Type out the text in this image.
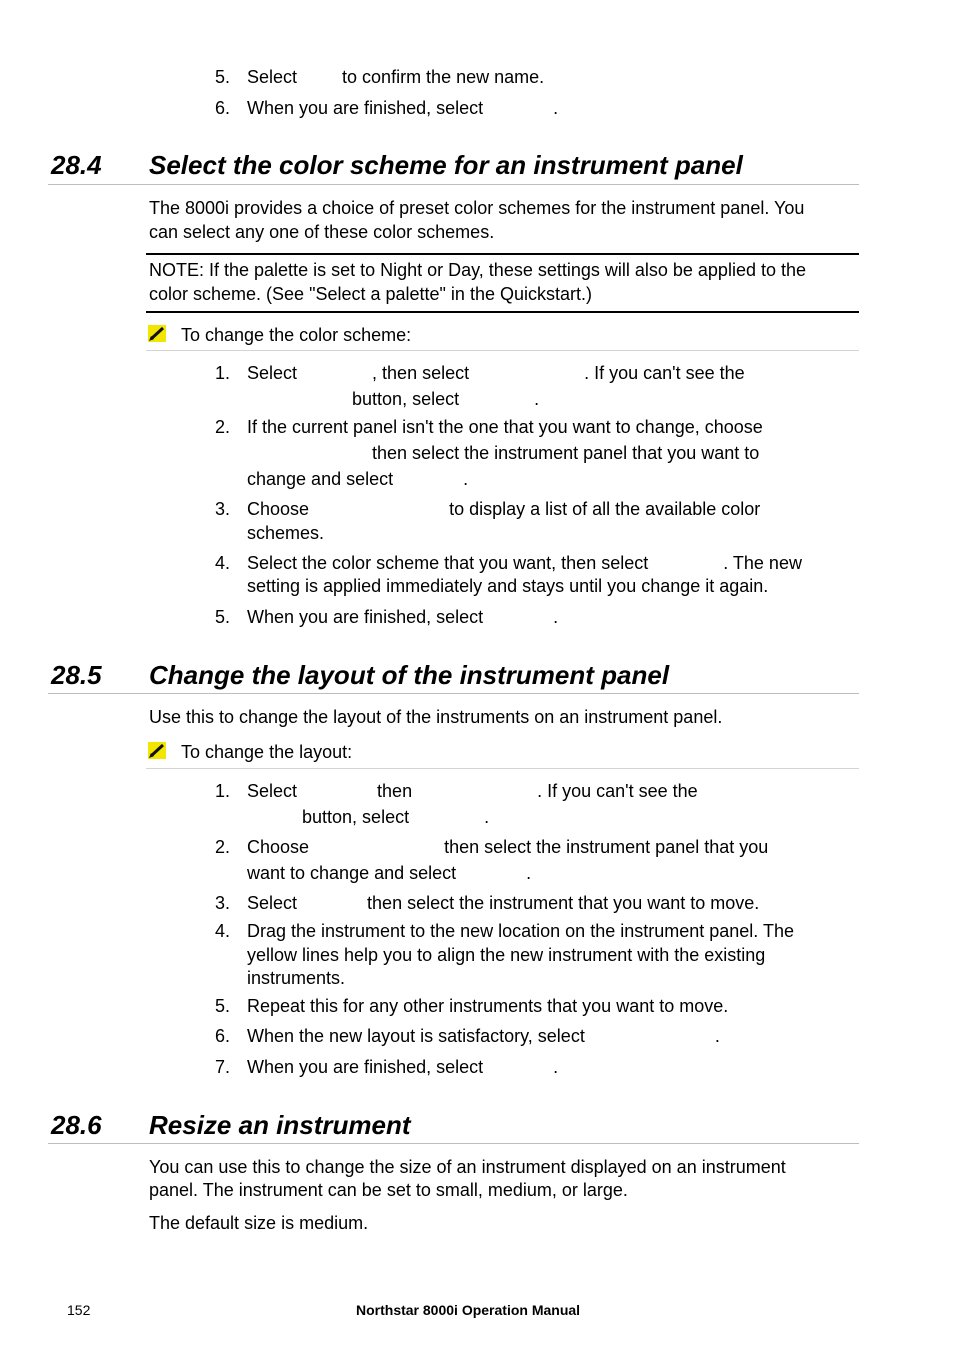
5. Select         to confirm the new name.
6. When you are finished, select              .
28.4 Select the color scheme for an instrument panel
The 8000i provides a choice of preset color schemes for the instrument panel. You
can select any one of these color schemes.
NOTE: If the palette is set to Night or Day, these settings will also be applied to the
color scheme. (See "Select a palette" in the Quickstart.)
To change the color scheme:
1. Select               , then select                       . If you can't see the
button, select               .
2. If the current panel isn't the one that you want to change, choose
then select the instrument panel that you want to
change and select              .
3. Choose                            to display a list of all the available color
schemes.
4. Select the color scheme that you want, then select               . The new
setting is applied immediately and stays until you change it again.
5. When you are finished, select              .
28.5 Change the layout of the instrument panel
Use this to change the layout of the instruments on an instrument panel.
To change the layout:
1. Select                then                         . If you can't see the
button, select               .
2. Choose                           then select the instrument panel that you
want to change and select              .
3. Select              then select the instrument that you want to move.
4. Drag the instrument to the new location on the instrument panel. The
yellow lines help you to align the new instrument with the existing
instruments.
5. Repeat this for any other instruments that you want to move.
6. When the new layout is satisfactory, select                          .
7. When you are finished, select              .
28.6 Resize an instrument
You can use this to change the size of an instrument displayed on an instrument
panel. The instrument can be set to small, medium, or large.
The default size is medium.
152	Northstar 8000i Operation Manual
